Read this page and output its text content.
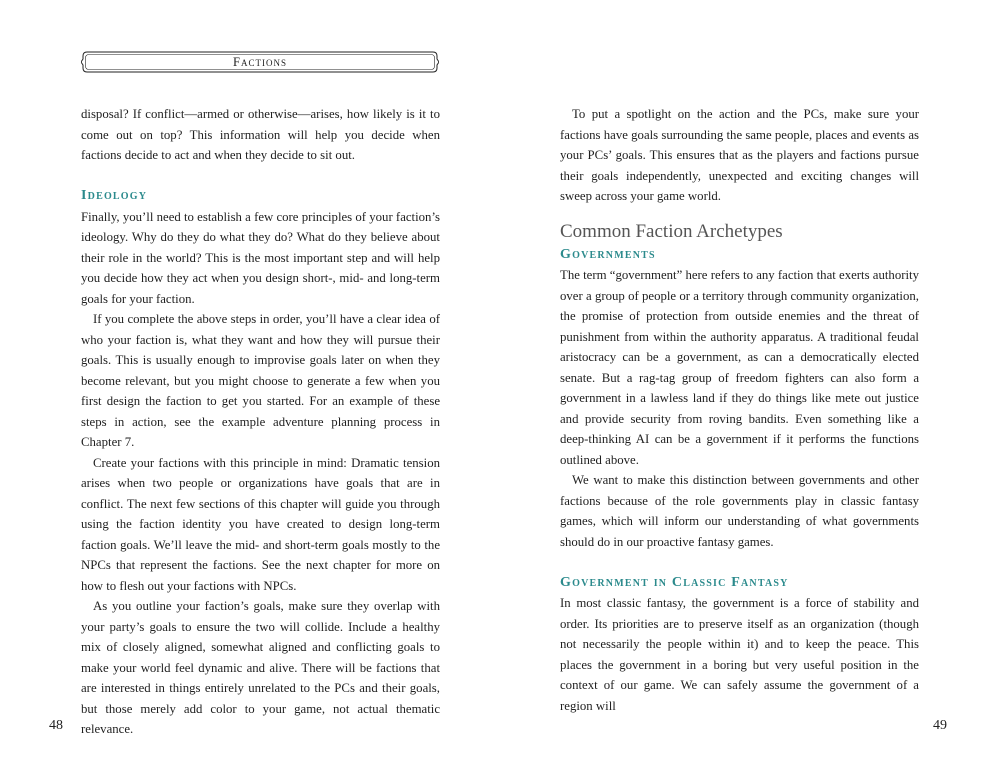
Factions

disposal? If conflict—armed or otherwise—arises, how likely is it to come out on top? This information will help you decide when factions decide to act and when they decide to sit out.

Ideology

Finally, you’ll need to establish a few core principles of your faction’s ideology. Why do they do what they do? What do they believe about their role in the world? This is the most important step and will help you decide how they act when you design short-, mid- and long-term goals for your faction.

If you complete the above steps in order, you’ll have a clear idea of who your faction is, what they want and how they will pursue their goals. This is usually enough to improvise goals later on when they become relevant, but you might choose to generate a few when you first design the faction to get you started. For an example of these steps in action, see the example adventure planning process in Chapter 7.

Create your factions with this principle in mind: Dramatic tension arises when two people or organizations have goals that are in conflict. The next few sections of this chapter will guide you through using the faction identity you have created to design long-term faction goals. We’ll leave the mid- and short-term goals mostly to the NPCs that represent the factions. See the next chapter for more on how to flesh out your factions with NPCs.

As you outline your faction’s goals, make sure they overlap with your party’s goals to ensure the two will collide. Include a healthy mix of closely aligned, somewhat aligned and conflicting goals to make your world feel dynamic and alive. There will be factions that are interested in things entirely unrelated to the PCs and their goals, but those merely add color to your game, not actual thematic relevance.

To put a spotlight on the action and the PCs, make sure your factions have goals surrounding the same people, places and events as your PCs’ goals. This ensures that as the players and factions pursue their goals independently, unexpected and exciting changes will sweep across your game world.

Common Faction Archetypes
Governments

The term “government” here refers to any faction that exerts authority over a group of people or a territory through community organization, the promise of protection from outside enemies and the threat of punishment from within the authority apparatus. A traditional feudal aristocracy can be a government, as can a democratically elected senate. But a rag-tag group of freedom fighters can also form a government in a lawless land if they do things like mete out justice and provide security from roving bandits. Even something like a deep-thinking AI can be a government if it performs the functions outlined above.

We want to make this distinction between governments and other factions because of the role governments play in classic fantasy games, which will inform our understanding of what governments should do in our proactive fantasy games.

Government in Classic Fantasy

In most classic fantasy, the government is a force of stability and order. Its priorities are to preserve itself as an organization (though not necessarily the people within it) and to keep the peace. This places the government in a boring but very useful position in the context of our game. We can safely assume the government of a region will

48	49
